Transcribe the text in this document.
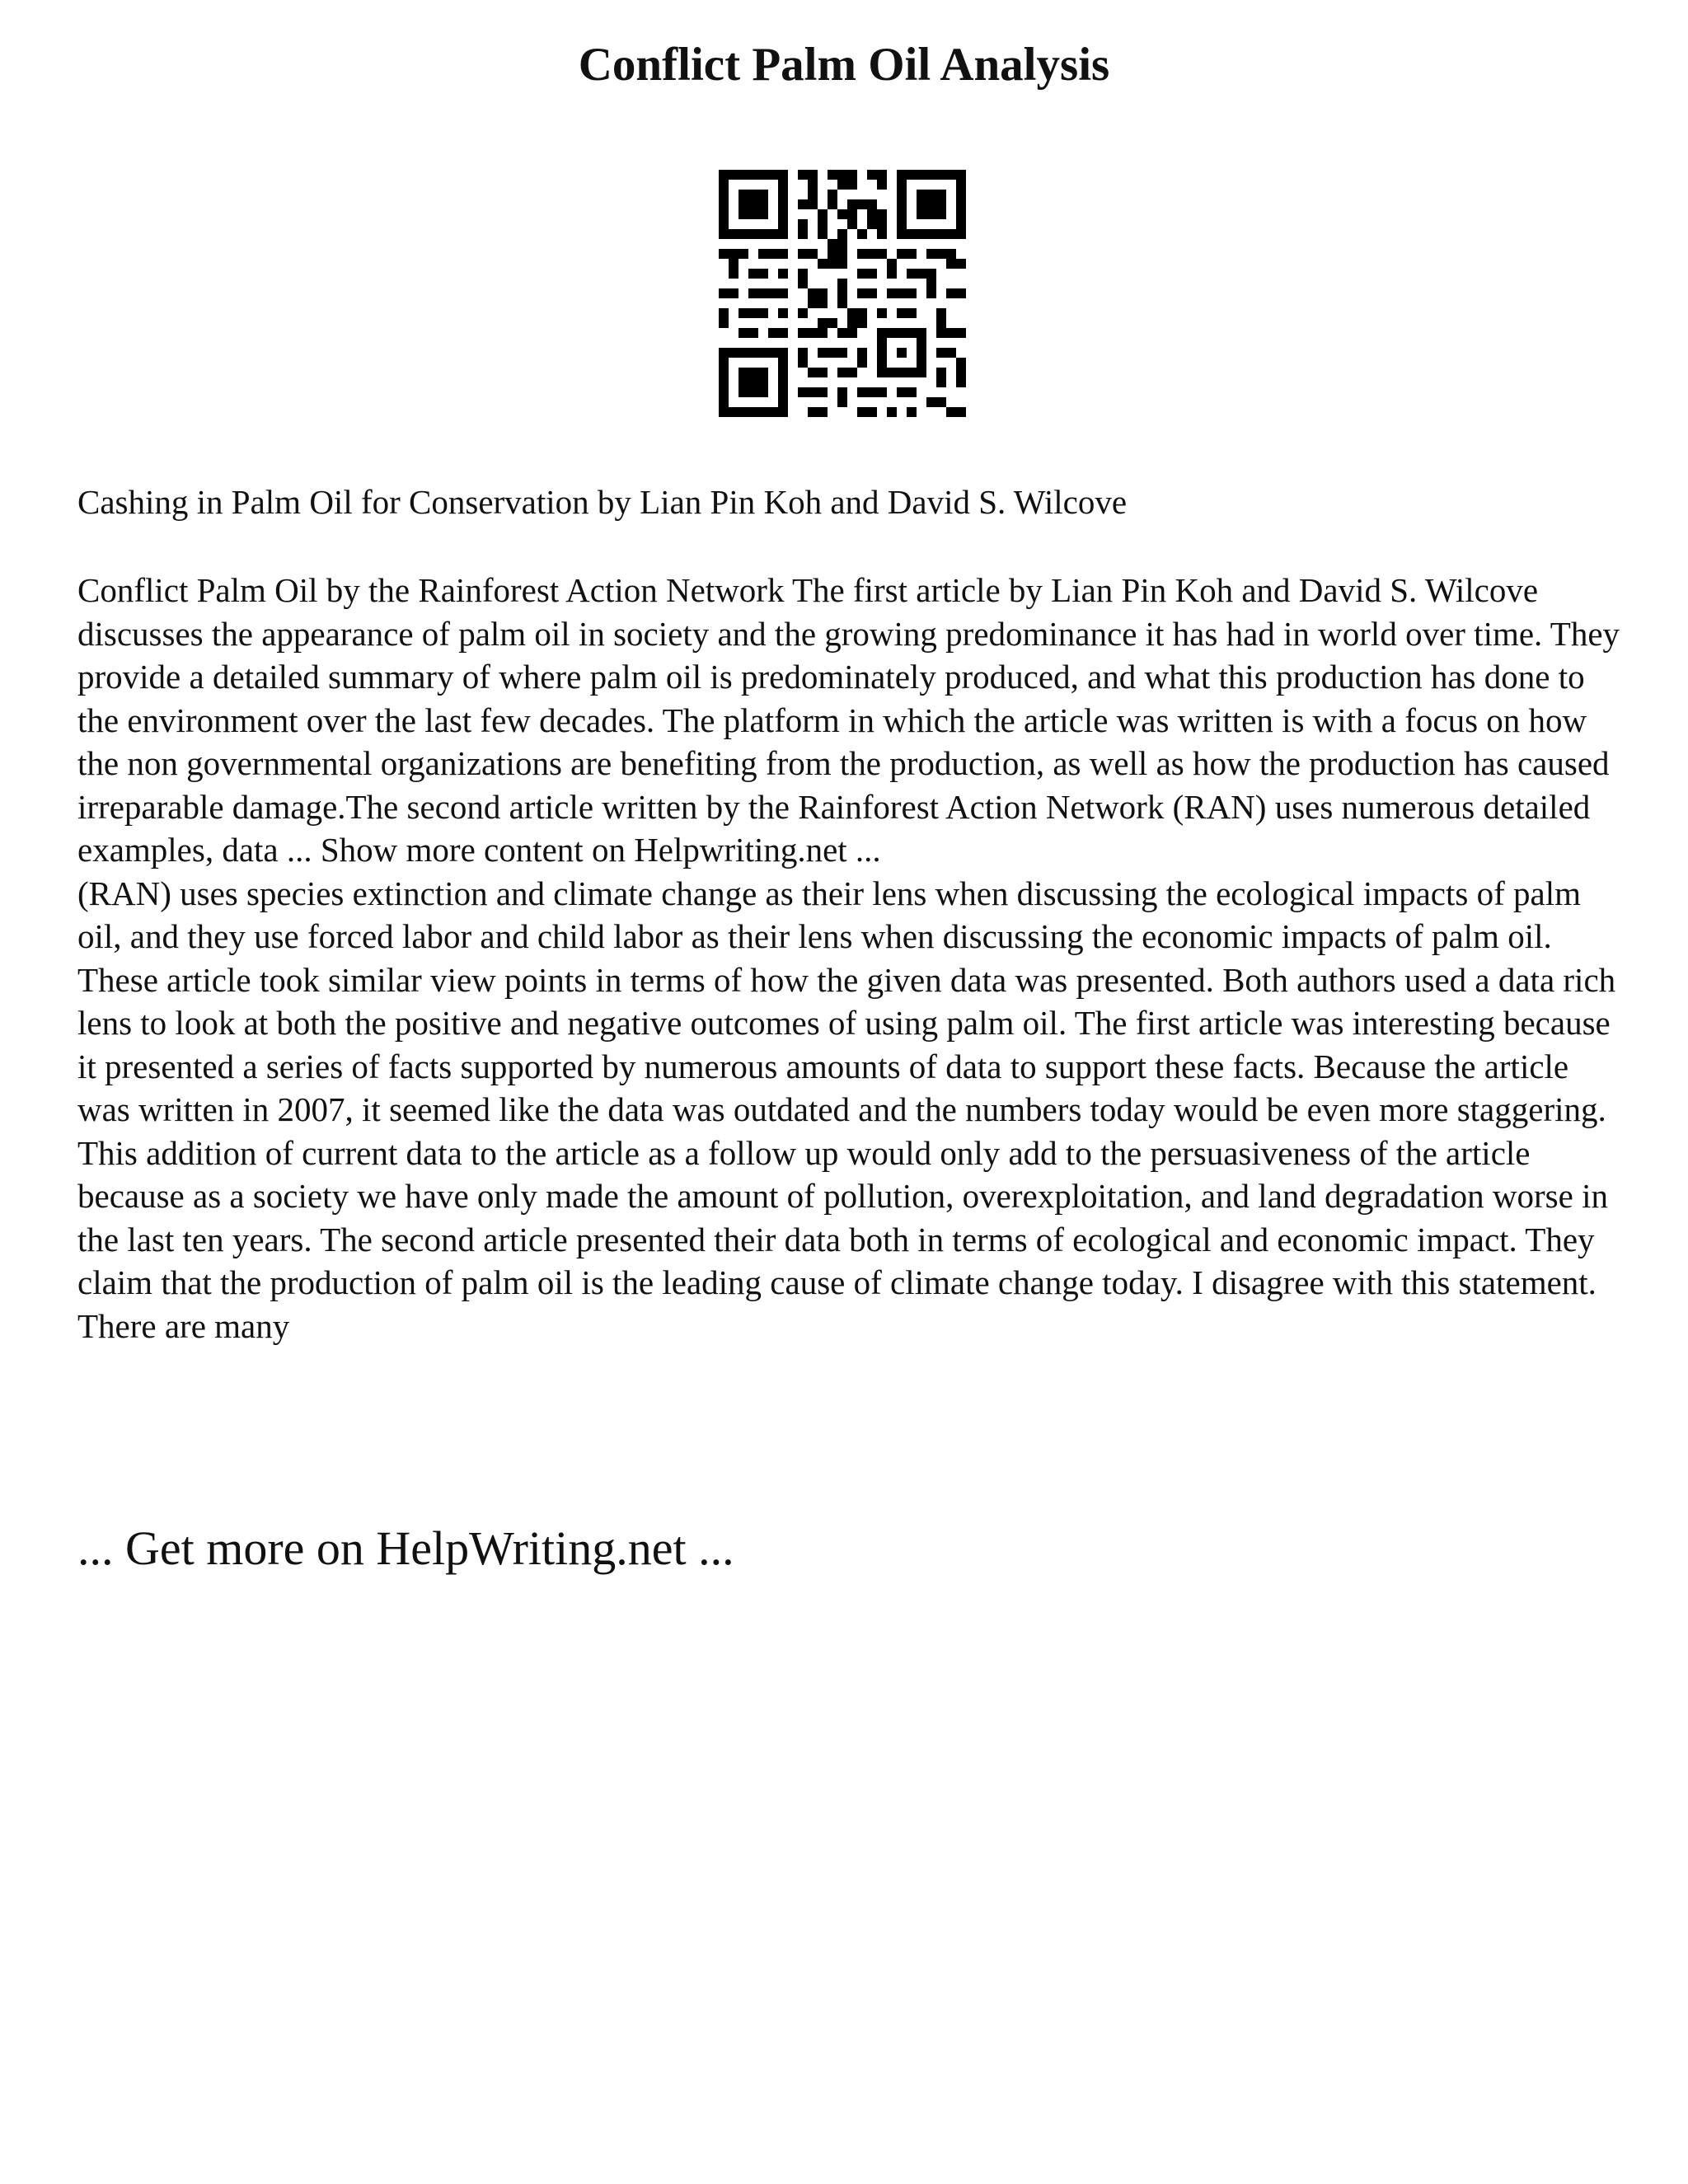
Conflict Palm Oil Analysis

Cashing in Palm Oil for Conservation by Lian Pin Koh and David S. Wilcove

Conflict Palm Oil by the Rainforest Action Network The first article by Lian Pin Koh and David S. Wilcove discusses the appearance of palm oil in society and the growing predominance it has had in world over time. They provide a detailed summary of where palm oil is predominately produced, and what this production has done to the environment over the last few decades. The platform in which the article was written is with a focus on how the non governmental organizations are benefiting from the production, as well as how the production has caused irreparable damage.The second article written by the Rainforest Action Network (RAN) uses numerous detailed examples, data ... Show more content on Helpwriting.net ...

(RAN) uses species extinction and climate change as their lens when discussing the ecological impacts of palm oil, and they use forced labor and child labor as their lens when discussing the economic impacts of palm oil.

These article took similar view points in terms of how the given data was presented. Both authors used a data rich lens to look at both the positive and negative outcomes of using palm oil. The first article was interesting because it presented a series of facts supported by numerous amounts of data to support these facts. Because the article was written in 2007, it seemed like the data was outdated and the numbers today would be even more staggering. This addition of current data to the article as a follow up would only add to the persuasiveness of the article because as a society we have only made the amount of pollution, overexploitation, and land degradation worse in the last ten years. The second article presented their data both in terms of ecological and economic impact. They claim that the production of palm oil is the leading cause of climate change today. I disagree with this statement. There are many

... Get more on HelpWriting.net ...
